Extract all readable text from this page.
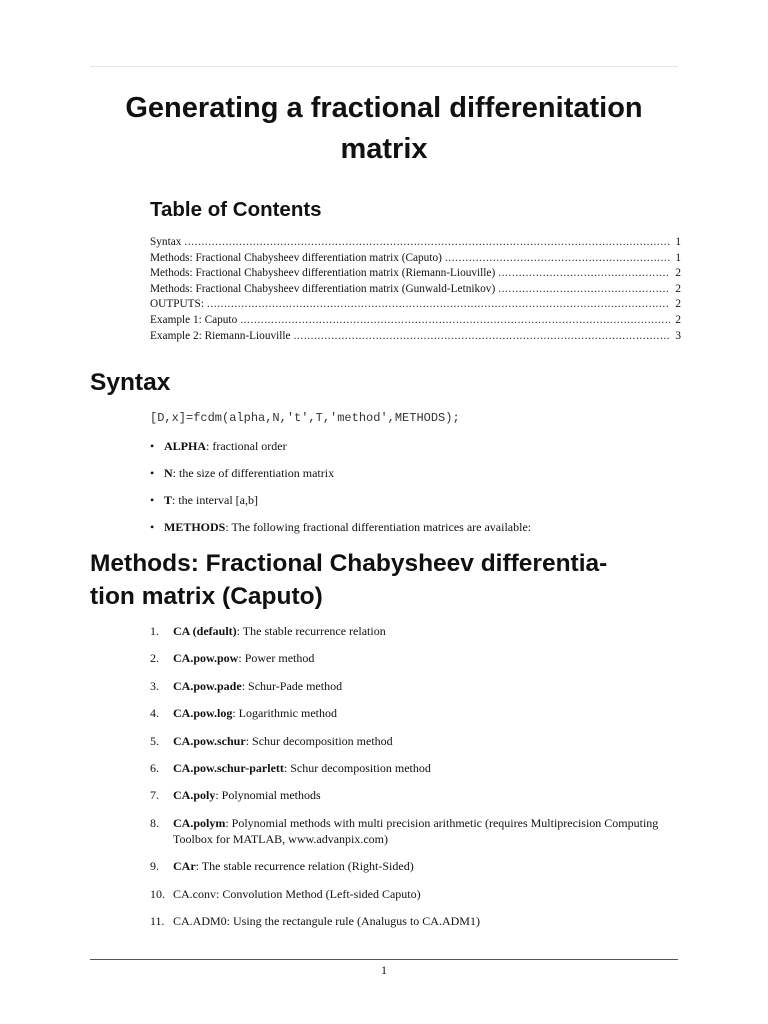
Generating a fractional differenitation matrix
Table of Contents
Syntax .....	1
Methods: Fractional Chabysheev differentiation matrix (Caputo) .....	1
Methods: Fractional Chabysheev differentiation matrix (Riemann-Liouville) .....	2
Methods: Fractional Chabysheev differentiation matrix (Gunwald-Letnikov) .....	2
OUTPUTS: .....	2
Example 1: Caputo .....	2
Example 2: Riemann-Liouville .....	3
Syntax
[D,x]=fcdm(alpha,N,'t',T,'method',METHODS);
• ALPHA: fractional order
• N: the size of differentiation matrix
• T: the interval [a,b]
• METHODS: The following fractional differentiation matrices are available:
Methods: Fractional Chabysheev differentia-
tion matrix (Caputo)
1. CA (default): The stable recurrence relation
2. CA.pow.pow: Power method
3. CA.pow.pade: Schur-Pade method
4. CA.pow.log: Logarithmic method
5. CA.pow.schur: Schur decomposition method
6. CA.pow.schur-parlett: Schur decomposition method
7. CA.poly: Polynomial methods
8. CA.polym: Polynomial methods with multi precision arithmetic (requires Multiprecision Computing Toolbox for MATLAB, www.advanpix.com)
9. CAr: The stable recurrence relation (Right-Sided)
10. CA.conv: Convolution Method (Left-sided Caputo)
11. CA.ADM0: Using the rectangule rule (Analugus to CA.ADM1)
1
